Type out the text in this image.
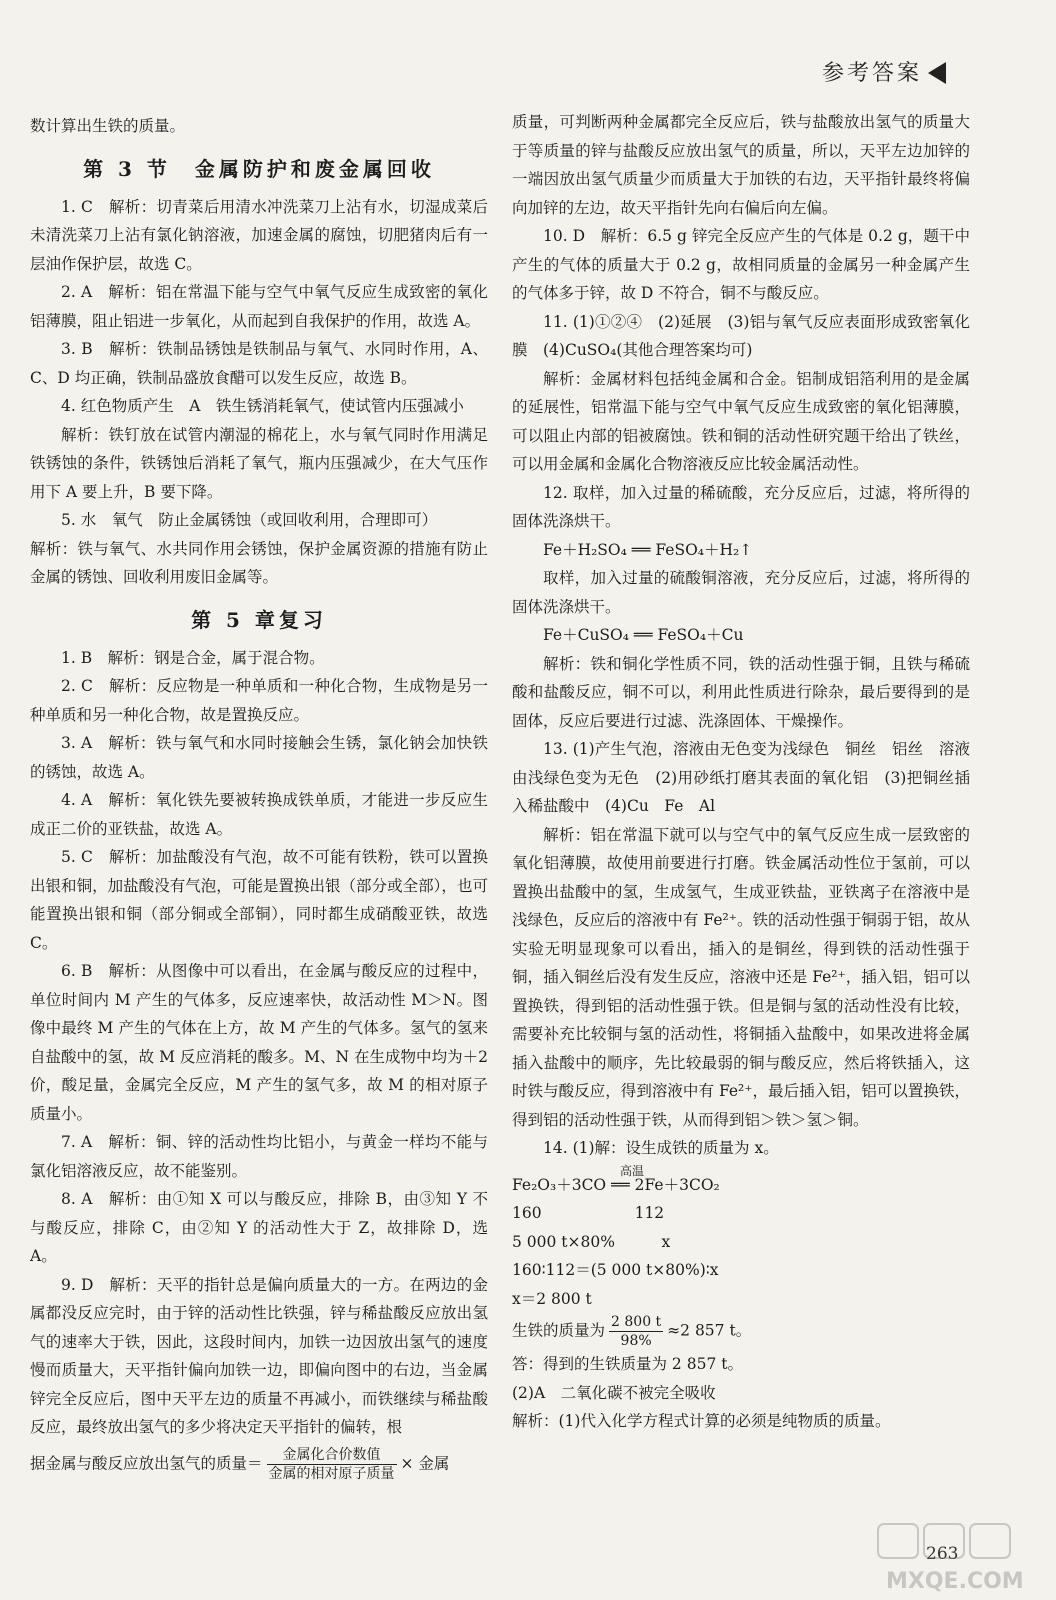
参考答案

数计算出生铁的质量。

第 3 节　金属防护和废金属回收

1. C　解析：切青菜后用清水冲洗菜刀上沾有水，切湿成菜后未清洗菜刀上沾有氯化钠溶液，加速金属的腐蚀，切肥猪肉后有一层油作保护层，故选 C。

2. A　解析：铝在常温下能与空气中氧气反应生成致密的氧化铝薄膜，阻止铝进一步氧化，从而起到自我保护的作用，故选 A。

3. B　解析：铁制品锈蚀是铁制品与氧气、水同时作用，A、C、D 均正确，铁制品盛放食醋可以发生反应，故选 B。

4. 红色物质产生　A　铁生锈消耗氧气，使试管内压强减小

解析：铁钉放在试管内潮湿的棉花上，水与氧气同时作用满足铁锈蚀的条件，铁锈蚀后消耗了氧气，瓶内压强减少，在大气压作用下 A 要上升，B 要下降。

5. 水　氧气　防止金属锈蚀（或回收利用，合理即可）

解析：铁与氧气、水共同作用会锈蚀，保护金属资源的措施有防止金属的锈蚀、回收利用废旧金属等。

第 5 章复习

1. B　解析：钢是合金，属于混合物。

2. C　解析：反应物是一种单质和一种化合物，生成物是另一种单质和另一种化合物，故是置换反应。

3. A　解析：铁与氧气和水同时接触会生锈，氯化钠会加快铁的锈蚀，故选 A。

4. A　解析：氧化铁先要被转换成铁单质，才能进一步反应生成正二价的亚铁盐，故选 A。

5. C　解析：加盐酸没有气泡，故不可能有铁粉，铁可以置换出银和铜，加盐酸没有气泡，可能是置换出银（部分或全部），也可能置换出银和铜（部分铜或全部铜），同时都生成硝酸亚铁，故选 C。

6. B　解析：从图像中可以看出，在金属与酸反应的过程中，单位时间内 M 产生的气体多，反应速率快，故活动性 M＞N。图像中最终 M 产生的气体在上方，故 M 产生的气体多。氢气的氢来自盐酸中的氢，故 M 反应消耗的酸多。M、N 在生成物中均为＋2 价，酸足量，金属完全反应，M 产生的氢气多，故 M 的相对原子质量小。

7. A　解析：铜、锌的活动性均比铝小，与黄金一样均不能与氯化铝溶液反应，故不能鉴别。

8. A　解析：由①知 X 可以与酸反应，排除 B，由③知 Y 不与酸反应，排除 C，由②知 Y 的活动性大于 Z，故排除 D，选 A。

9. D　解析：天平的指针总是偏向质量大的一方。在两边的金属都没反应完时，由于锌的活动性比铁强，锌与稀盐酸反应放出氢气的速率大于铁，因此，这段时间内，加铁一边因放出氢气的速度慢而质量大，天平指针偏向加铁一边，即偏向图中的右边，当金属锌完全反应后，图中天平左边的质量不再减小，而铁继续与稀盐酸反应，最终放出氢气的多少将决定天平指针的偏转，根

据金属与酸反应放出氢气的质量＝ $\frac{\text{金属化合价数值}}{\text{金属的相对原子质量}}$ × 金属

质量，可判断两种金属都完全反应后，铁与盐酸放出氢气的质量大于等质量的锌与盐酸反应放出氢气的质量，所以，天平左边加锌的一端因放出氢气质量少而质量大于加铁的右边，天平指针最终将偏向加锌的左边，故天平指针先向右偏后向左偏。

10. D　解析：6.5 g 锌完全反应产生的气体是 0.2 g，题干中产生的气体的质量大于 0.2 g，故相同质量的金属另一种金属产生的气体多于锌，故 D 不符合，铜不与酸反应。

11. (1)①②④　(2)延展　(3)铝与氧气反应表面形成致密氧化膜　(4)CuSO₄(其他合理答案均可)

解析：金属材料包括纯金属和合金。铝制成铝箔利用的是金属的延展性，铝常温下能与空气中氧气反应生成致密的氧化铝薄膜，可以阻止内部的铝被腐蚀。铁和铜的活动性研究题干给出了铁丝，可以用金属和金属化合物溶液反应比较金属活动性。

12. 取样，加入过量的稀硫酸，充分反应后，过滤，将所得的固体洗涤烘干。

Fe＋H₂SO₄ ══ FeSO₄＋H₂↑

取样，加入过量的硫酸铜溶液，充分反应后，过滤，将所得的固体洗涤烘干。

Fe＋CuSO₄ ══ FeSO₄＋Cu

解析：铁和铜化学性质不同，铁的活动性强于铜，且铁与稀硫酸和盐酸反应，铜不可以，利用此性质进行除杂，最后要得到的是固体，反应后要进行过滤、洗涤固体、干燥操作。

13. (1)产生气泡，溶液由无色变为浅绿色　铜丝　铝丝　溶液由浅绿色变为无色　(2)用砂纸打磨其表面的氧化铝　(3)把铜丝插入稀盐酸中　(4)Cu　Fe　Al

解析：铝在常温下就可以与空气中的氧气反应生成一层致密的氧化铝薄膜，故使用前要进行打磨。铁金属活动性位于氢前，可以置换出盐酸中的氢，生成氢气，生成亚铁盐，亚铁离子在溶液中是浅绿色，反应后的溶液中有 Fe²⁺。铁的活动性强于铜弱于铝，故从实验无明显现象可以看出，插入的是铜丝，得到铁的活动性强于铜，插入铜丝后没有发生反应，溶液中还是 Fe²⁺，插入铝，铝可以置换铁，得到铝的活动性强于铁。但是铜与氢的活动性没有比较，需要补充比较铜与氢的活动性，将铜插入盐酸中，如果改进将金属插入盐酸中的顺序，先比较最弱的铜与酸反应，然后将铁插入，这时铁与酸反应，得到溶液中有 Fe²⁺，最后插入铝，铝可以置换铁，得到铝的活动性强于铁，从而得到铝＞铁＞氢＞铜。

14. (1)解：设生成铁的质量为 x。

高温
Fe₂O₃＋3CO ══ 2Fe＋3CO₂

160　　　　　　112

5 000 t×80%　　　x

160∶112＝(5 000 t×80%)∶x

x＝2 800 t

生铁的质量为 $\frac{2 800 t}{98\%} \approx 2$ 857 t。

答：得到的生铁质量为 2 857 t。

(2)A　二氧化碳不被完全吸收

解析：(1)代入化学方程式计算的必须是纯物质的质量。

263
MXQE.COM
